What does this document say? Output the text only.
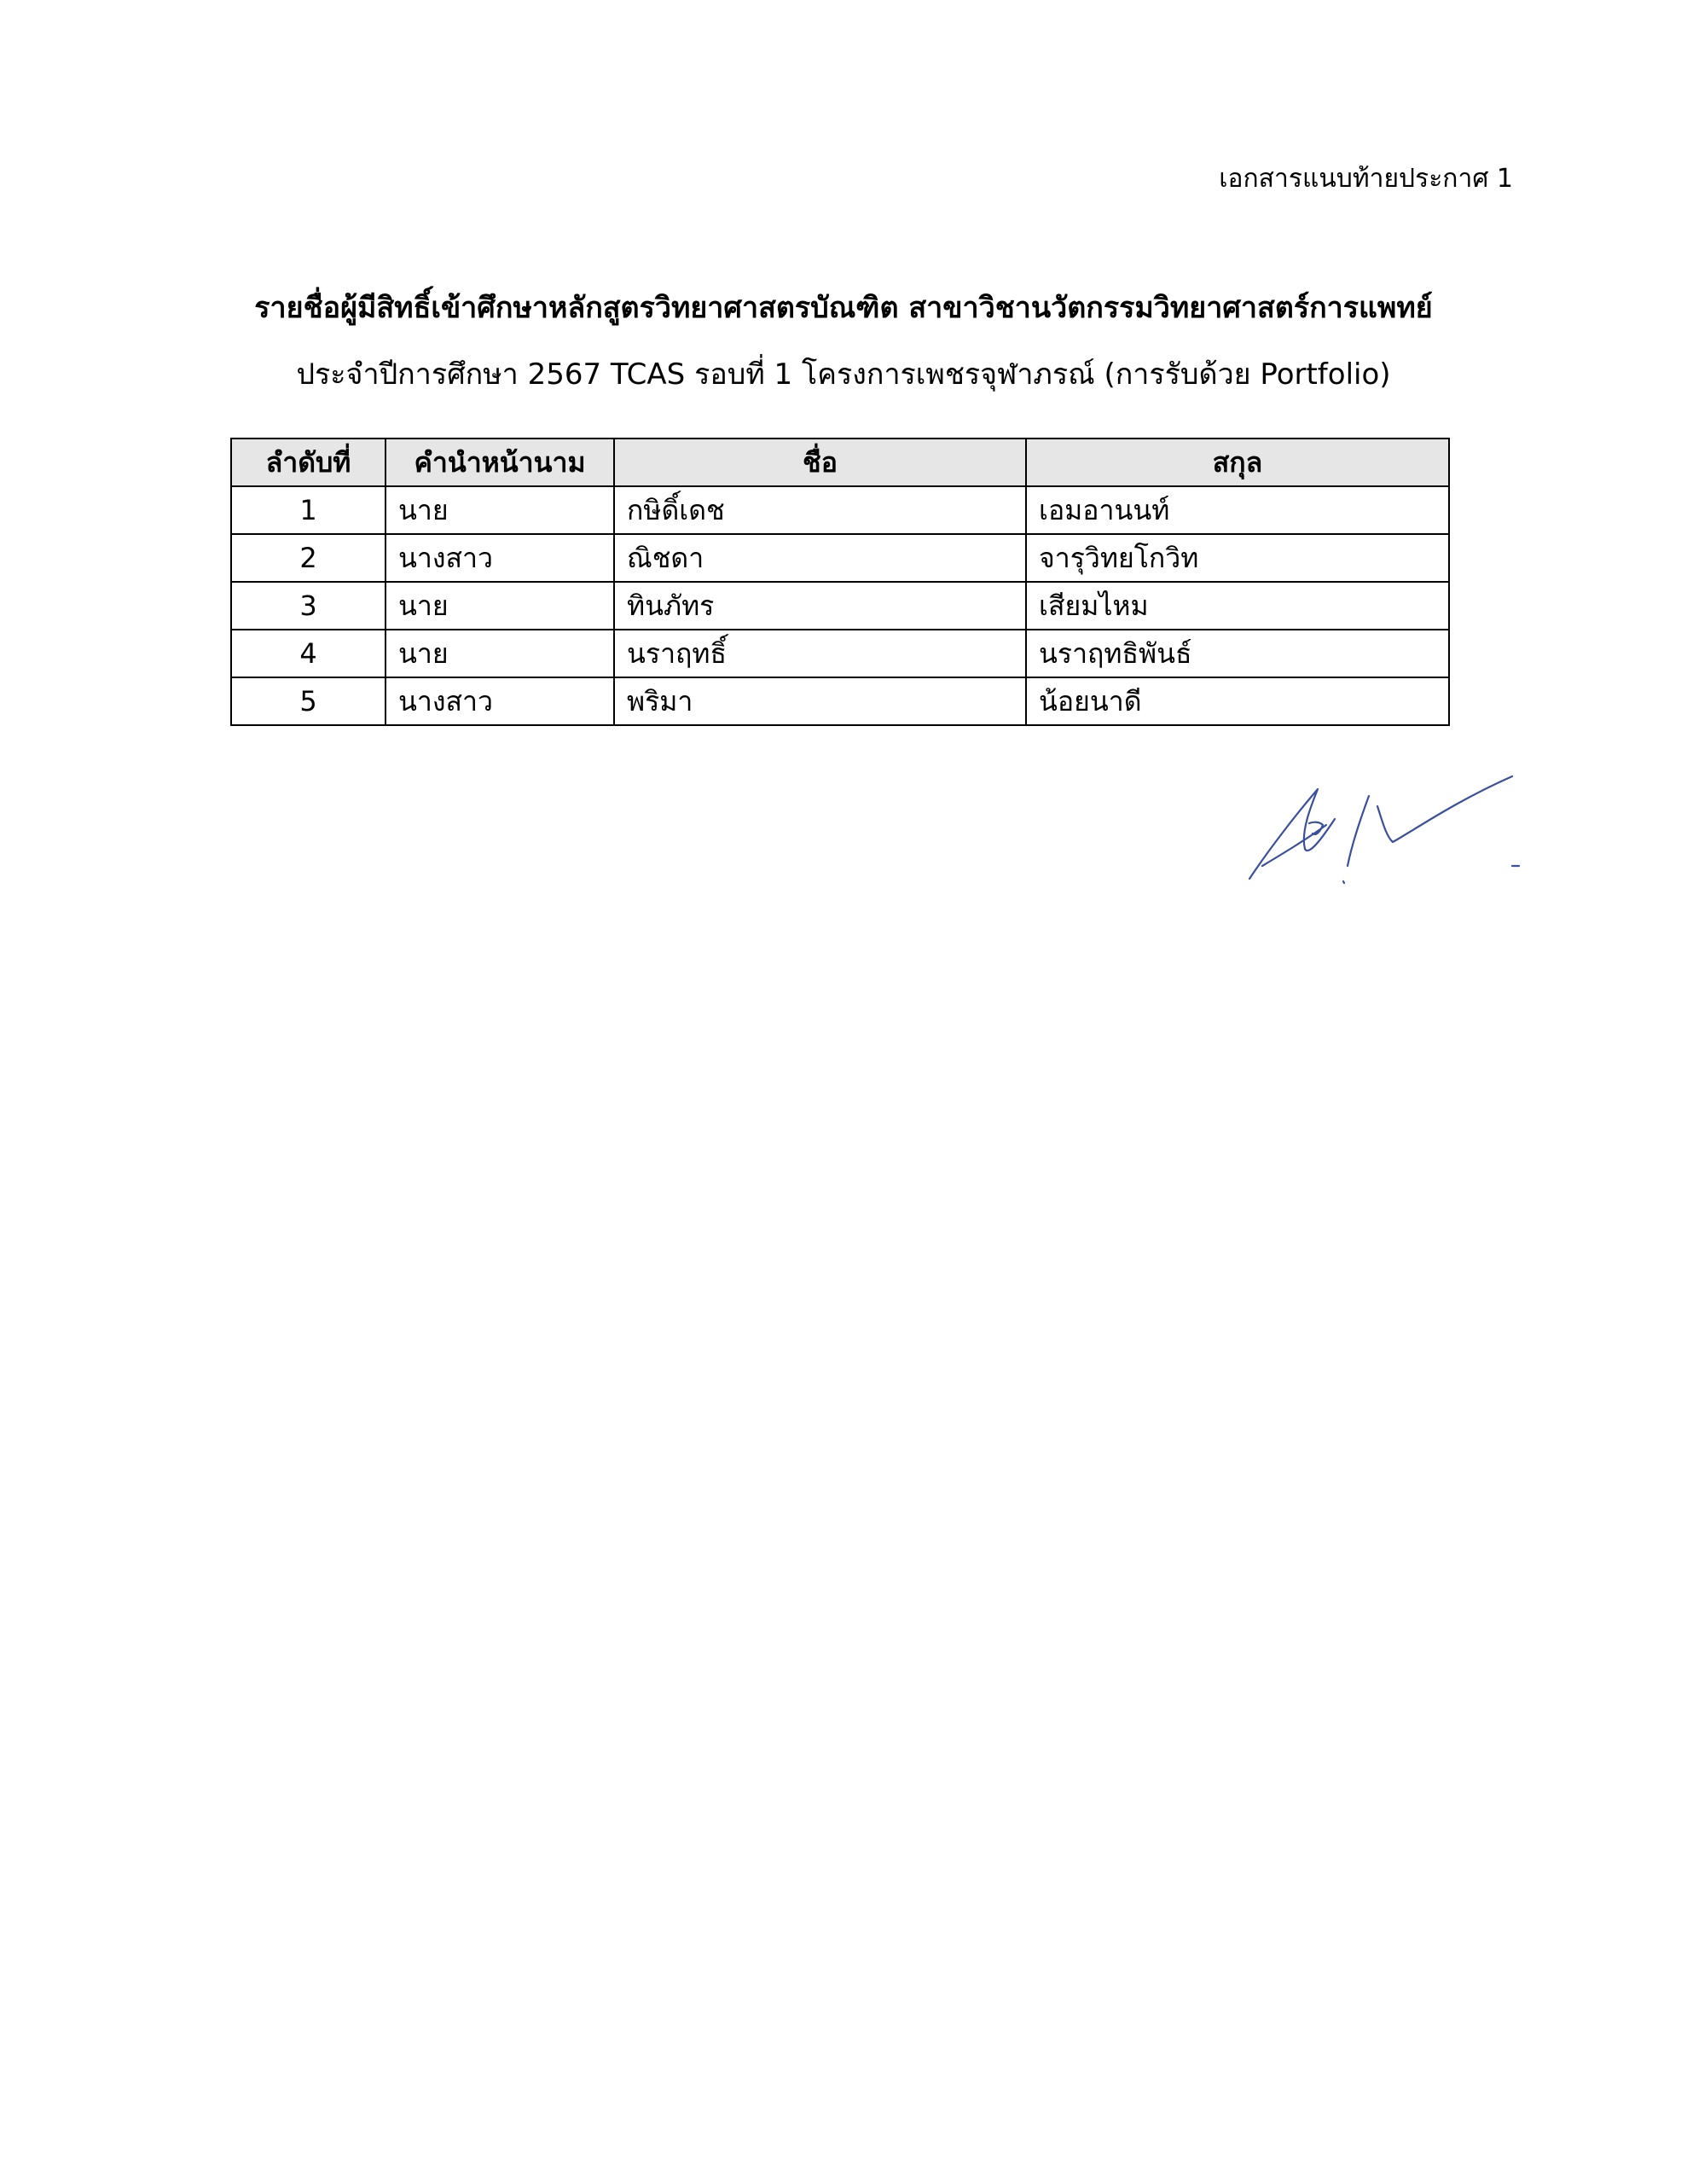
เอกสารแนบท้ายประกาศ 1
รายชื่อผู้มีสิทธิ์เข้าศึกษาหลักสูตรวิทยาศาสตรบัณฑิต สาขาวิชานวัตกรรมวิทยาศาสตร์การแพทย์
ประจำปีการศึกษา 2567 TCAS รอบที่ 1 โครงการเพชรจุฬาภรณ์ (การรับด้วย Portfolio)
ลำดับที่	คำนำหน้านาม	ชื่อ	สกุล
1	นาย	กษิดิ์เดช	เอมอานนท์
2	นางสาว	ณิชดา	จารุวิทยโกวิท
3	นาย	ทินภัทร	เสียมไหม
4	นาย	นราฤทธิ์	นราฤทธิพันธ์
5	นางสาว	พริมา	น้อยนาดี
